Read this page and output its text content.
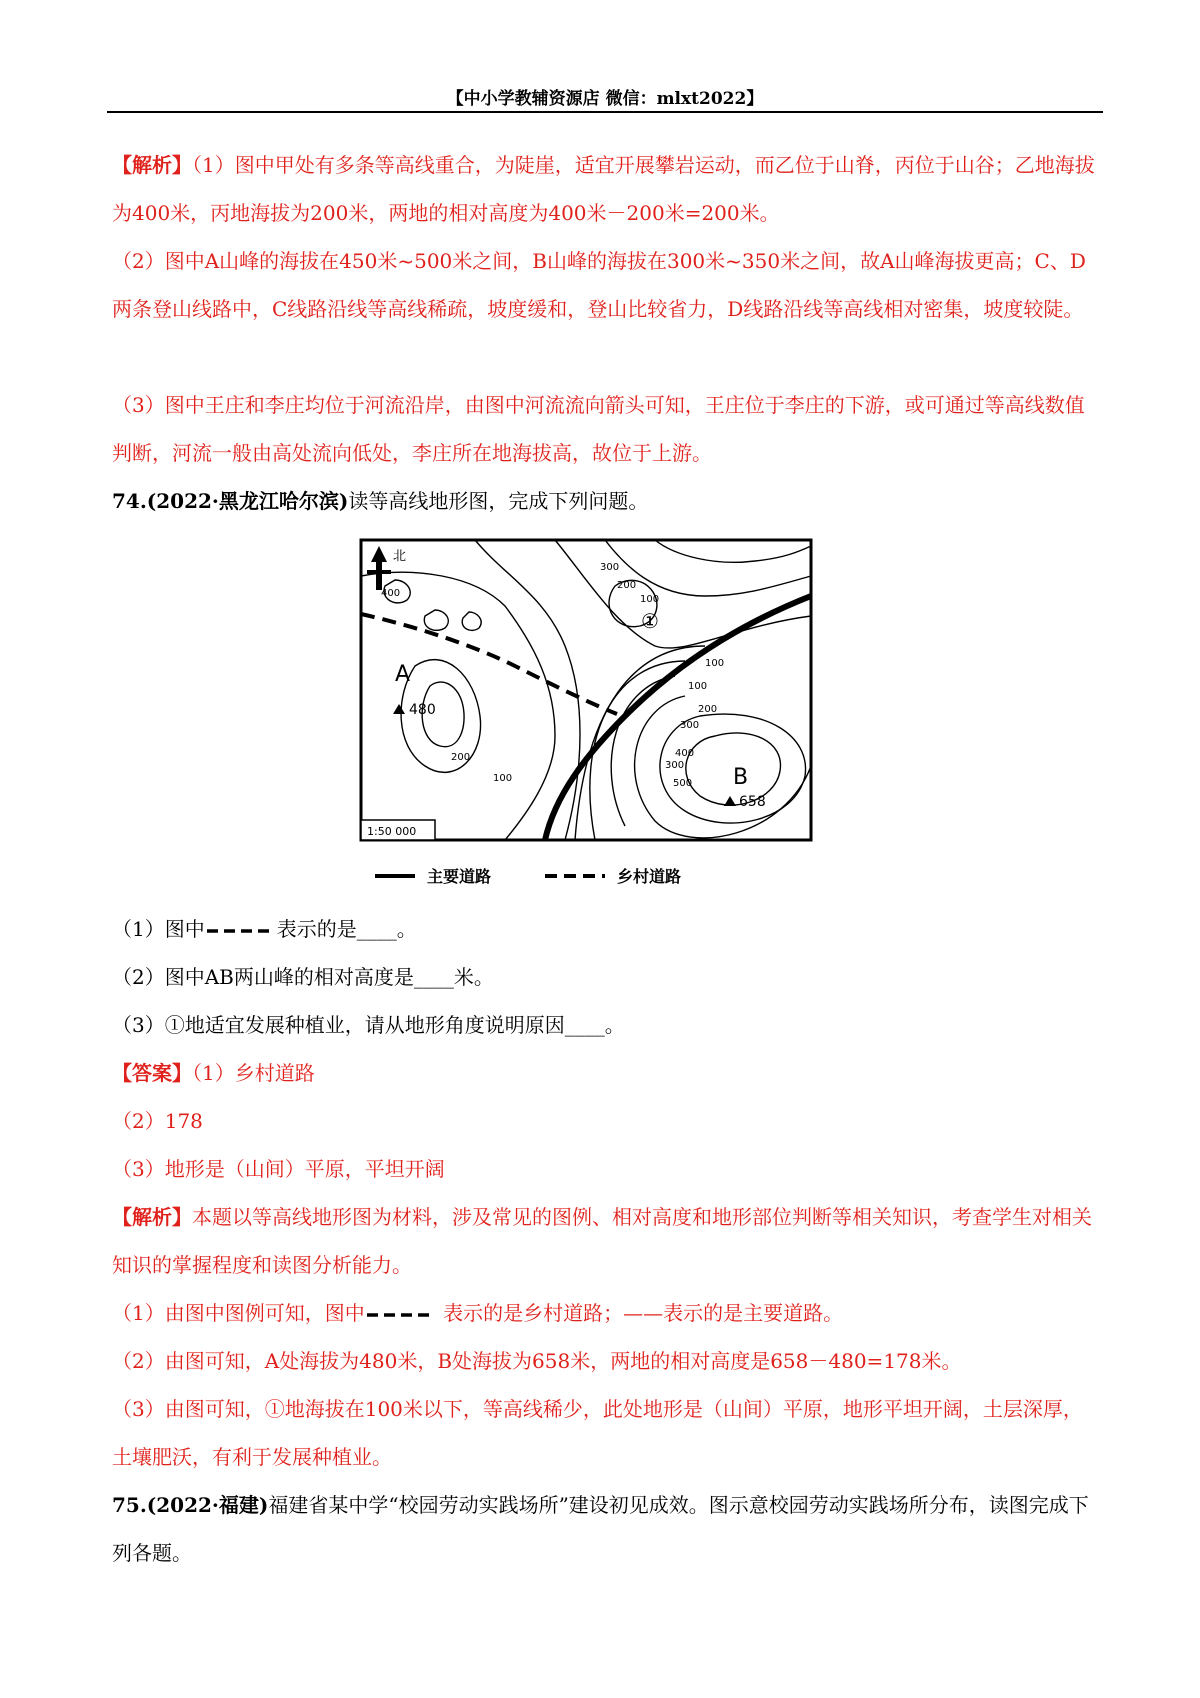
【中小学教辅资源店 微信：mlxt2022】
【解析】（1）图中甲处有多条等高线重合，为陡崖，适宜开展攀岩运动，而乙位于山脊，丙位于山谷；乙地海拔为400米，丙地海拔为200米，两地的相对高度为400米－200米=200米。
（2）图中A山峰的海拔在450米~500米之间，B山峰的海拔在300米~350米之间，故A山峰海拔更高；C、D两条登山线路中，C线路沿线等高线稀疏，坡度缓和，登山比较省力，D线路沿线等高线相对密集，坡度较陡。
（3）图中王庄和李庄均位于河流沿岸，由图中河流流向箭头可知，王庄位于李庄的下游，或可通过等高线数值判断，河流一般由高处流向低处，李庄所在地海拔高，故位于上游。
74.(2022·黑龙江哈尔滨)读等高线地形图，完成下列问题。
北
400
300
200
100
200
100
200
300
400
500
100
300
100
A
480
B
658
①
1:50 000
主要道路	乡村道路
（1）图中	表示的是____。
（2）图中AB两山峰的相对高度是____米。
（3）①地适宜发展种植业，请从地形角度说明原因____。
【答案】（1）乡村道路
（2）178
（3）地形是（山间）平原，平坦开阔
【解析】本题以等高线地形图为材料，涉及常见的图例、相对高度和地形部位判断等相关知识，考查学生对相关知识的掌握程度和读图分析能力。
（1）由图中图例可知，图中	表示的是乡村道路；——表示的是主要道路。
（2）由图可知，A处海拔为480米，B处海拔为658米，两地的相对高度是658－480=178米。
（3）由图可知，①地海拔在100米以下，等高线稀少，此处地形是（山间）平原，地形平坦开阔，土层深厚，土壤肥沃，有利于发展种植业。
75.(2022·福建)福建省某中学“校园劳动实践场所”建设初见成效。图示意校园劳动实践场所分布，读图完成下列各题。
